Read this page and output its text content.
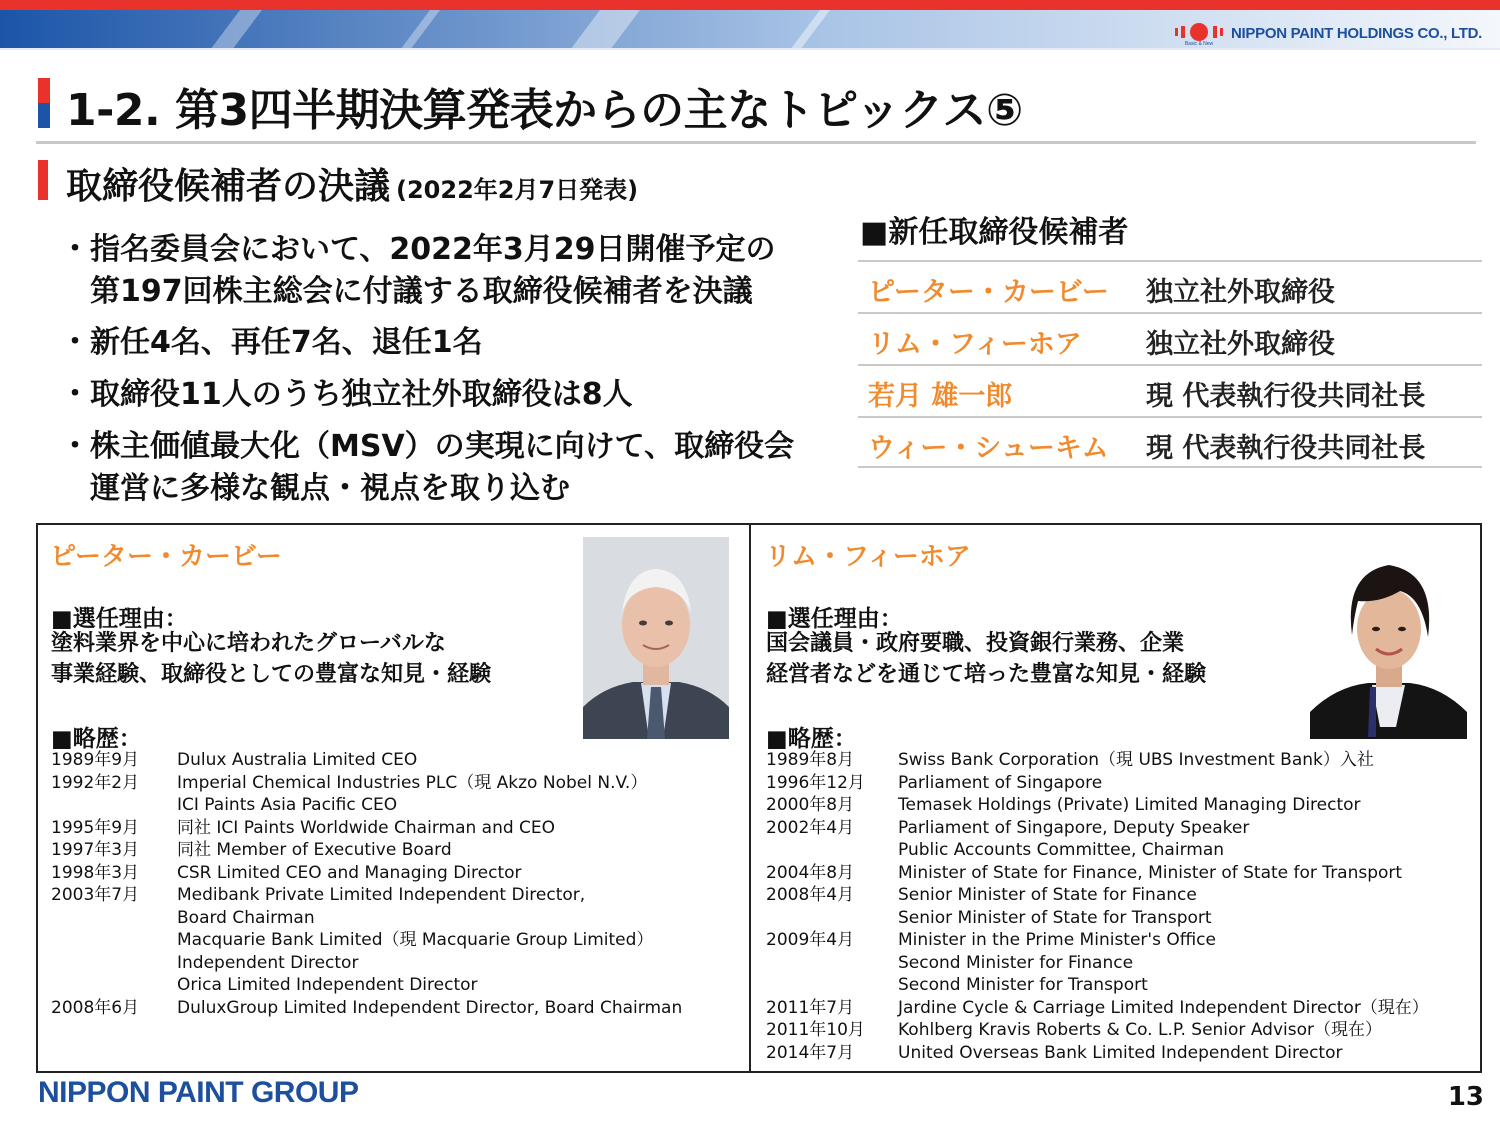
Basic & New
NIPPON PAINT HOLDINGS CO., LTD.
1-2. 第3四半期決算発表からの主なトピックス⑤
取締役候補者の決議 (2022年2月7日発表)
・指名委員会において、2022年3月29日開催予定の
　第197回株主総会に付議する取締役候補者を決議
・新任4名、再任7名、退任1名
・取締役11人のうち独立社外取締役は8人
・株主価値最大化（MSV）の実現に向けて、取締役会
　運営に多様な観点・視点を取り込む
■新任取締役候補者
ピーター・カービー 独立社外取締役
リム・フィーホア 独立社外取締役
若月 雄一郎	現 代表執行役共同社長
ウィー・シューキム 現 代表執行役共同社長
ピーター・カービー
■選任理由：
塗料業界を中心に培われたグローバルな
事業経験、取締役としての豊富な知見・経験
■略歴：
1989年9月	Dulux Australia Limited CEO
1992年2月	Imperial Chemical Industries PLC（現 Akzo Nobel N.V.）
ICI Paints Asia Pacific CEO
1995年9月	同社 ICI Paints Worldwide Chairman and CEO
1997年3月	同社 Member of Executive Board
1998年3月	CSR Limited CEO and Managing Director
2003年7月	Medibank Private Limited Independent Director,
Board Chairman
Macquarie Bank Limited（現 Macquarie Group Limited）
Independent Director
Orica Limited Independent Director
2008年6月	DuluxGroup Limited Independent Director, Board Chairman
リム・フィーホア
■選任理由：
国会議員・政府要職、投資銀行業務、企業
経営者などを通じて培った豊富な知見・経験
■略歴：
1989年8月	Swiss Bank Corporation（現 UBS Investment Bank）入社
1996年12月	Parliament of Singapore
2000年8月	Temasek Holdings (Private) Limited Managing Director
2002年4月	Parliament of Singapore, Deputy Speaker
Public Accounts Committee, Chairman
2004年8月	Minister of State for Finance, Minister of State for Transport
2008年4月	Senior Minister of State for Finance
Senior Minister of State for Transport
2009年4月	Minister in the Prime Minister's Office
Second Minister for Finance
Second Minister for Transport
2011年7月	Jardine Cycle & Carriage Limited Independent Director（現在）
2011年10月	Kohlberg Kravis Roberts & Co. L.P. Senior Advisor（現在）
2014年7月	United Overseas Bank Limited Independent Director
NIPPON PAINT GROUP	13
